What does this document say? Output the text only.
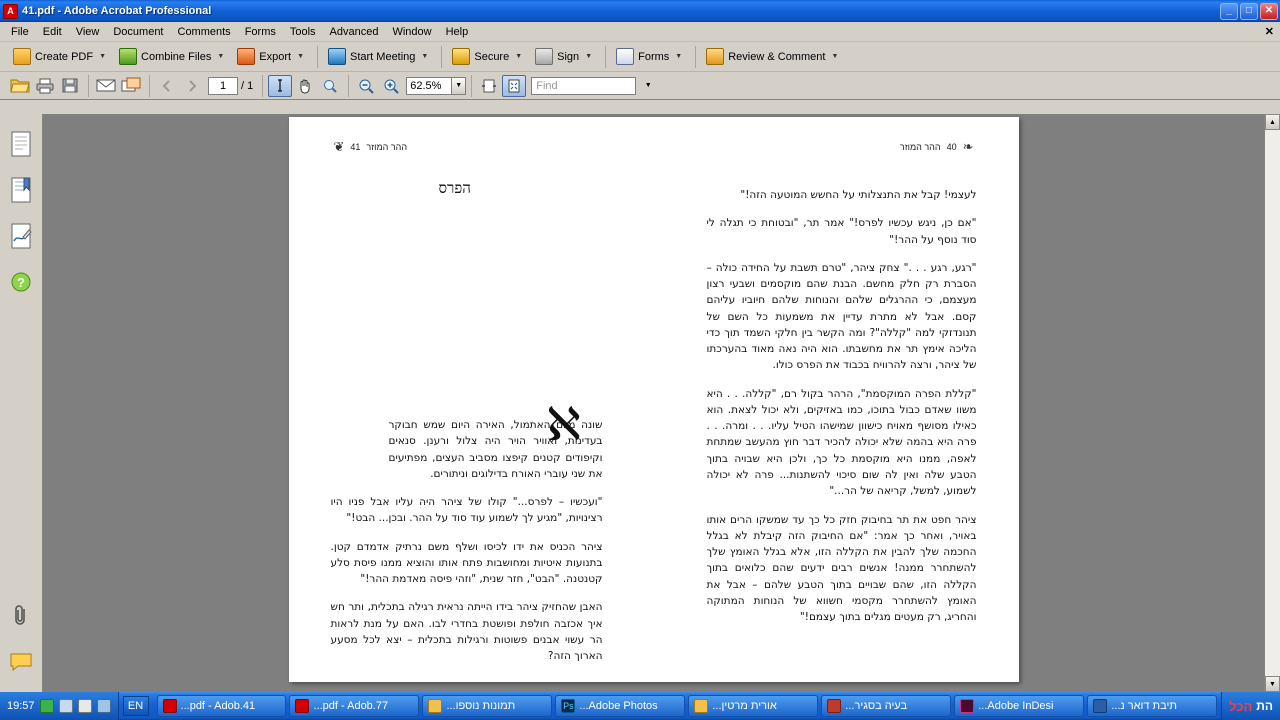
A 41.pdf - Adobe Acrobat Professional	_	□	✕
File	Edit	View	Document	Comments	Forms	Tools	Advanced	Window	Help	✕
Create PDF ▼	Combine Files ▼	Export ▼	Start Meeting ▼	Secure ▼	Sign ▼	Forms ▼	Review & Comment ▼
1	/ 1	62.5%	▼	Find	▼
?
❦ 41 ההר המוזר	ההר המוזר 40 ❧
הפרס	לעצמי! קבל את התנצלותי על החשש המוטעה הזה!"

"אם כן, ניגש עכשיו לפרס!" אמר תר, "ובטוחת כי תגלה לי סוד נוסף על ההר!"

"רגע, רגע . . ." צחק ציהר, "טרם תשבת על החידה כולה – הסברת רק חלק מחשם. הבנת שהם מוקסמים ושבעי רצון מעצמם, כי ההרגלים שלהם והנוחות שלהם חיוביו עליהם קסם. אבל לא מתרת עדיין את משמעות כל השם של תנונדזקי למה "קללה"? ומה הקשר בין חלקי השמד תוך כדי הליכה אימץ תר את מחשבתו. הוא היה נאה מאוד בהערכתו של ציהר, ורצה להרוויח בכבוד את הפרס כולו.

"קללת הפרה המוקסמת", הרהר בקול רם, "קללה. . . היא משוו שאדם כבול בתוכו, כמו באזיקים, ולא יכול לצאת. הוא כאילו מסושף מאויח כישוון שמישהו הטיל עליו. . . ומרה. . . פרה היא בהמה שלא יכולה להכיר דבר חוץ מהעשב שמתחת לאפה, ממנו היא מוקסמת כל כך, ולכן היא שבויה בתוך הטבע שלה ואין לה שום סיכוי להשתנות... פרה לא יכולה לשמוע, למשל, קריאה של הר..."

ציהר חפט את תר בחיבוק חזק כל כך עד שמשקו הרים אותו באויר, ואחר כך אמר: "אם החיבוק הזה קיבלת לא בגלל החכמה שלך להבין את הקללה הזו, אלא בגלל האומץ שלך להשתחרר ממנה! אנשים רבים ידעים שהם כלואים בתוך הקללה הזו, שהם שבויים בתוך הטבע שלהם – אבל את האומץ להשתחרר מקסמי חשווא של הנוחות המתוקה והחריג, רק מעטים מגלים בתוך עצמם!"

ℵ

שונה מיום האתמול, האירה היום שמש חבוקר בעדינות, ואוויר הויר היה צלול ורענן. סנאים וקיפודים קטנים קיפצו מסביב העצים, מפתיעים את שני עוברי האורח בדילוגים וניתורים.

"ועכשיו – לפרס..." קולו של ציהר היה עליו אבל פניו היו רצינויות, "מגיע לך לשמוע עוד סוד על ההר. ובכן... הבט!"

ציהר הכניס את ידו לכיסו ושלף משם נרתיק אדמדם קטן. בתנועות איטיות ומחושבות פתח אותו והוציא ממנו פיסת סלע קטנטנה. "הבט", חזר שנית, "וזהי פיסה מאדמת ההר!"

האבן שהחזיק ציהר בידו הייתה נראית רגילה בתכלית, ותר חש איך אכזבה חולפת ופושטת בחדרי לבו. האם על מנת לראות הר עשוי אבנים פשוטות ורגילות בתכלית – יצא לכל מסעע הארוך הזה?

▲
▼
19:57	EN	...pdf - Adob.41	...pdf - Adob.77	...תמונות נוספו	Ps ...Adobe Photos	...אורית מרטין	...בעיה בסגיר	...Adobe InDesi	...תיבת דואר נ	הכל הת
